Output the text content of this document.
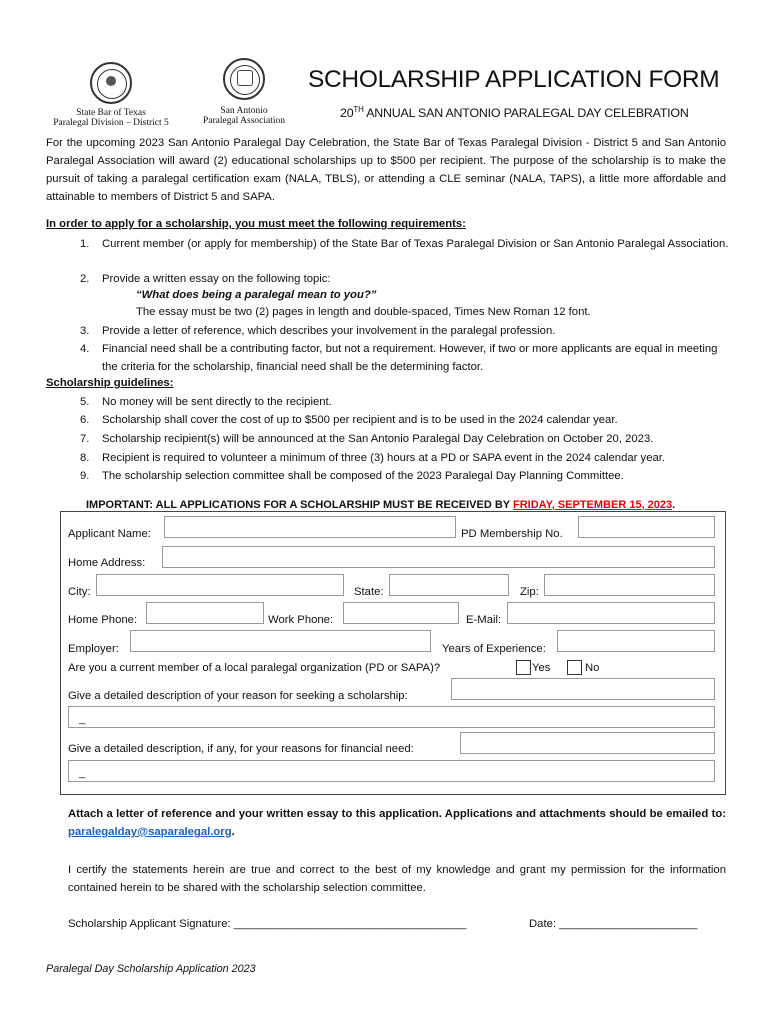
State Bar of Texas
Paralegal Division – District 5
San Antonio
Paralegal Association
SCHOLARSHIP APPLICATION FORM
20TH ANNUAL SAN ANTONIO PARALEGAL DAY CELEBRATION

For the upcoming 2023 San Antonio Paralegal Day Celebration, the State Bar of Texas Paralegal Division - District 5 and San Antonio Paralegal Association will award (2) educational scholarships up to $500 per recipient. The purpose of the scholarship is to make the pursuit of taking a paralegal certification exam (NALA, TBLS), or attending a CLE seminar (NALA, TAPS), a little more affordable and attainable to members of District 5 and SAPA.

In order to apply for a scholarship, you must meet the following requirements:
1. Current member (or apply for membership) of the State Bar of Texas Paralegal Division or San Antonio Paralegal Association.
2. Provide a written essay on the following topic:
“What does being a paralegal mean to you?”
The essay must be two (2) pages in length and double-spaced, Times New Roman 12 font.
3. Provide a letter of reference, which describes your involvement in the paralegal profession.
4. Financial need shall be a contributing factor, but not a requirement. However, if two or more applicants are equal in meeting the criteria for the scholarship, financial need shall be the determining factor.
Scholarship guidelines:
5. No money will be sent directly to the recipient.
6. Scholarship shall cover the cost of up to $500 per recipient and is to be used in the 2024 calendar year.
7. Scholarship recipient(s) will be announced at the San Antonio Paralegal Day Celebration on October 20, 2023.
8. Recipient is required to volunteer a minimum of three (3) hours at a PD or SAPA event in the 2024 calendar year.
9. The scholarship selection committee shall be composed of the 2023 Paralegal Day Planning Committee.
IMPORTANT: ALL APPLICATIONS FOR A SCHOLARSHIP MUST BE RECEIVED BY FRIDAY, SEPTEMBER 15, 2023.
Applicant Name:	PD Membership No.
Home Address:
City:	State:	Zip:
Home Phone:	Work Phone:	E-Mail:
Employer:	Years of Experience:
Are you a current member of a local paralegal organization (PD or SAPA)?	Yes	No
Give a detailed description of your reason for seeking a scholarship:
_
Give a detailed description, if any, for your reasons for financial need:
_
Attach a letter of reference and your written essay to this application. Applications and attachments should be emailed to: paralegalday@saparalegal.org.
I certify the statements herein are true and correct to the best of my knowledge and grant my permission for the information contained herein to be shared with the scholarship selection committee.
Scholarship Applicant Signature: _____________________________________	Date: ______________________
Paralegal Day Scholarship Application 2023
